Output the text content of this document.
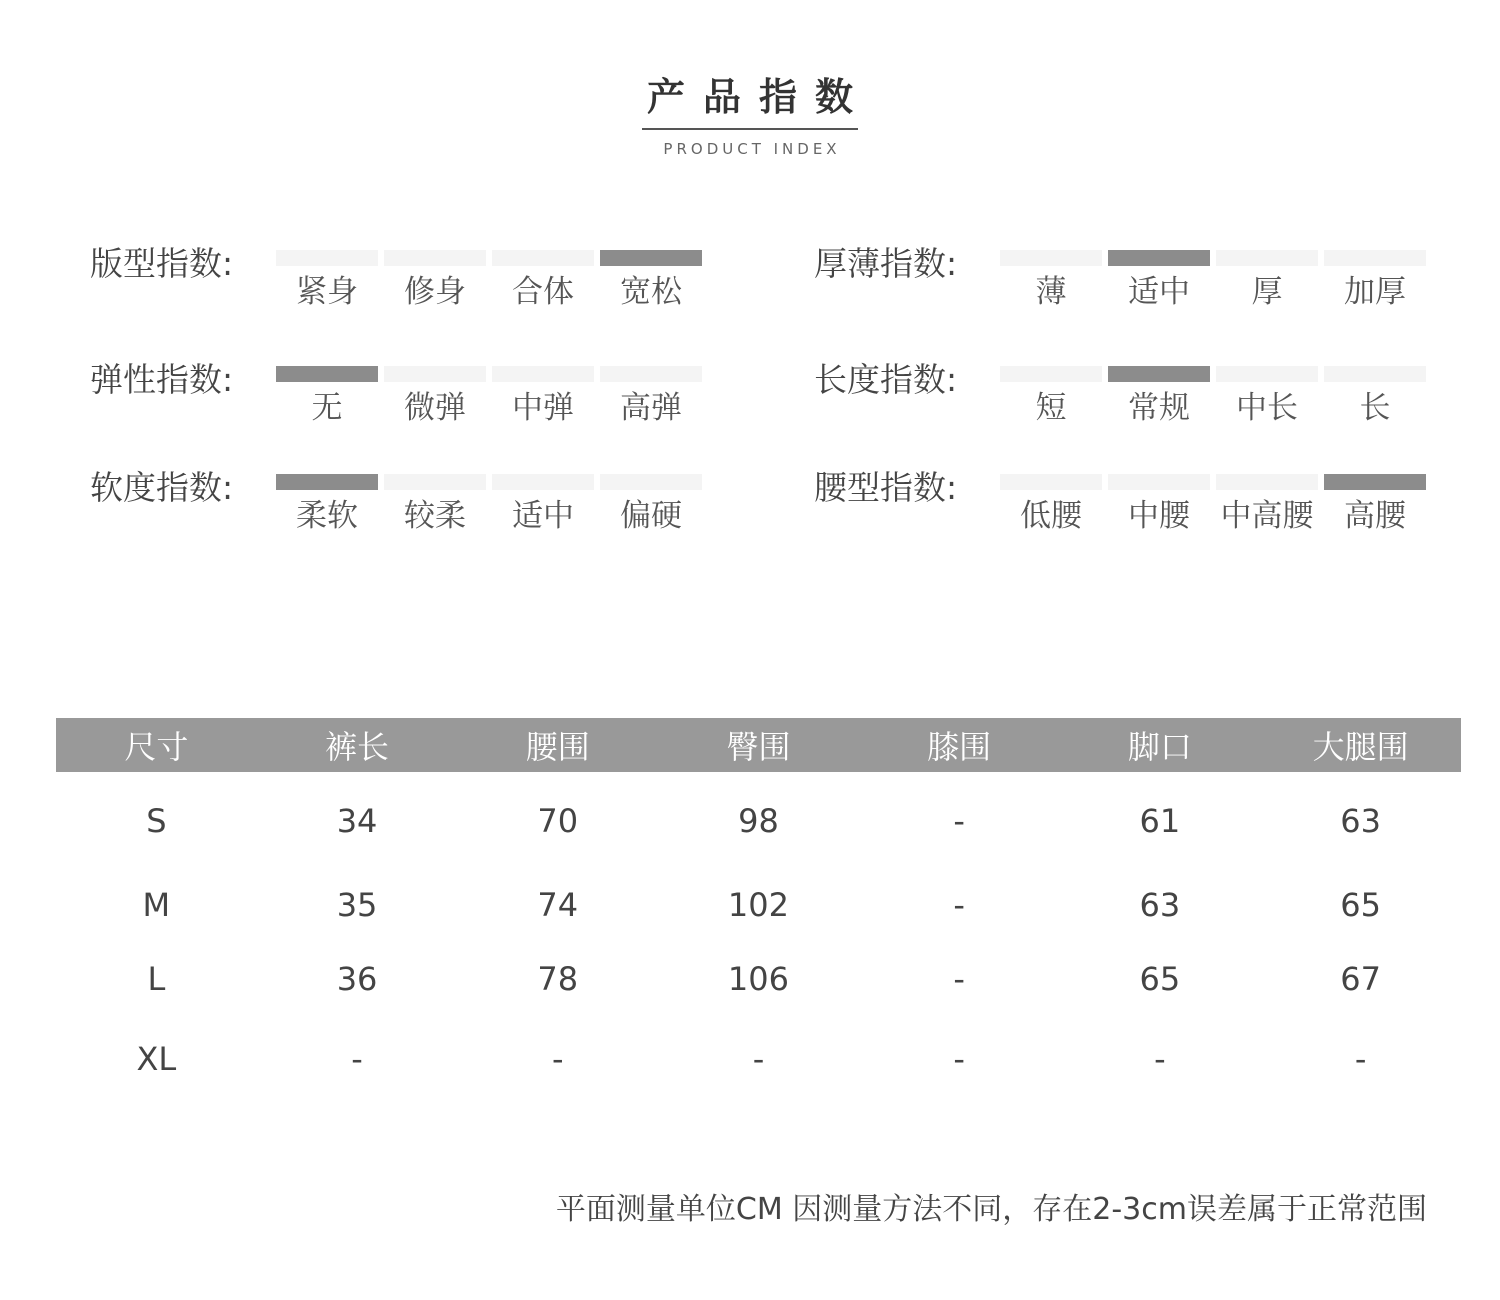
产品指数
PRODUCT INDEX
版型指数:
紧身	修身	合体	宽松
厚薄指数:
薄	适中	厚	加厚
弹性指数:
无	微弹	中弹	高弹
长度指数:
短	常规	中长	长
软度指数:
柔软	较柔	适中	偏硬
腰型指数:
低腰	中腰 中高腰 高腰
尺寸	裤长	腰围	臀围	膝围	脚口	大腿围
S	34	70	98	-	61	63
M	35	74	102	-	63	65
L	36	78	106	-	65	67
XL	-	-	-	-	-	-
平面测量单位CM 因测量方法不同，存在2-3cm误差属于正常范围
